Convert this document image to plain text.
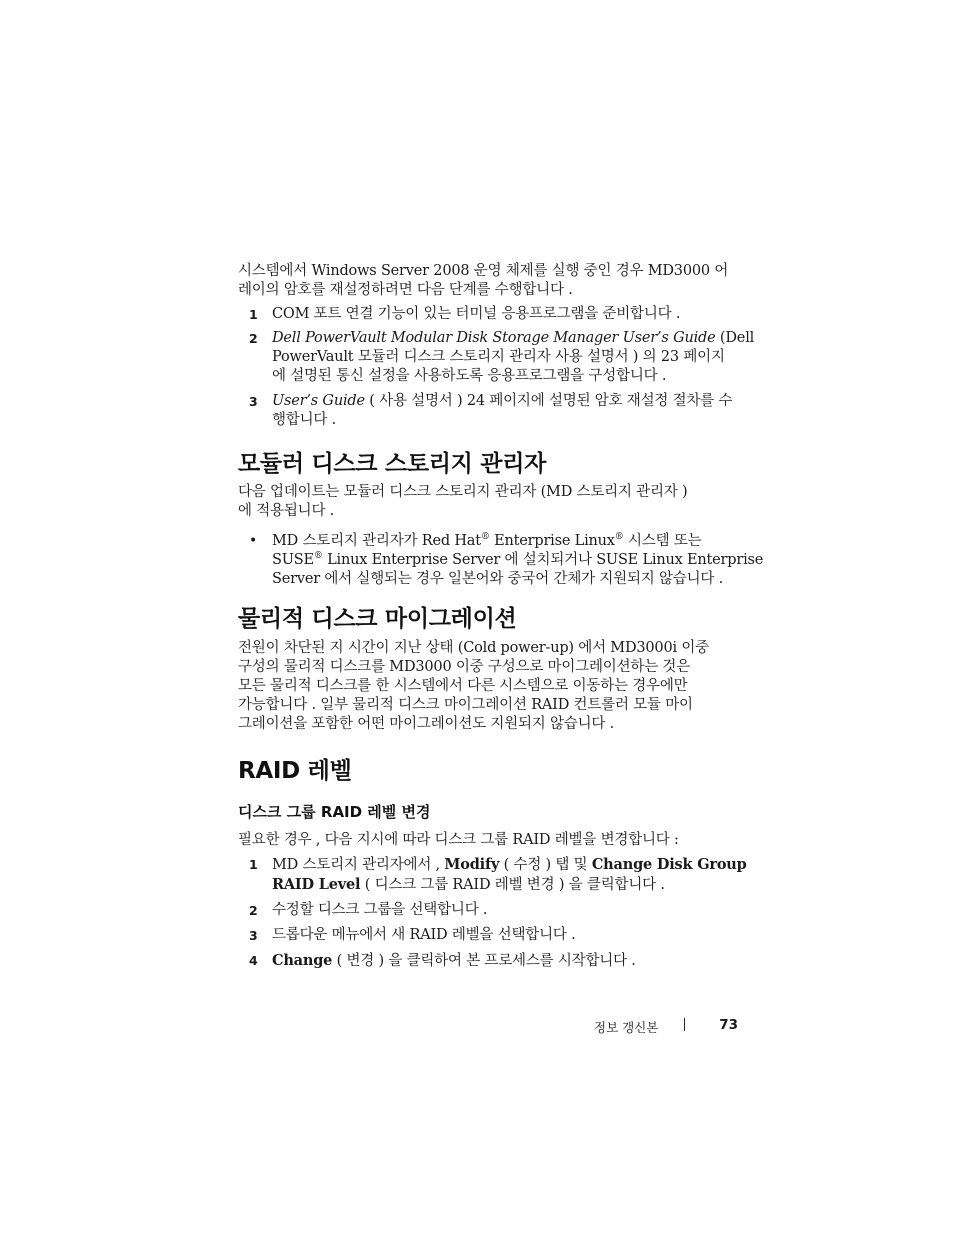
시스템에서 Windows Server 2008 운영 체제를 실행 중인 경우 MD3000 어
레이의 암호를 재설정하려면 다음 단계를 수행합니다 .

1 COM 포트 연결 기능이 있는 터미널 응용프로그램을 준비합니다 .
2 Dell PowerVault Modular Disk Storage Manager User’s Guide (Dell
PowerVault 모듈러 디스크 스토리지 관리자 사용 설명서 ) 의 23 페이지
에 설명된 통신 설정을 사용하도록 응용프로그램을 구성합니다 .
3 User’s Guide ( 사용 설명서 ) 24 페이지에 설명된 암호 재설정 절차를 수
행합니다 .
모듈러 디스크 스토리지 관리자

다음 업데이트는 모듈러 디스크 스토리지 관리자 (MD 스토리지 관리자 )
에 적용됩니다 .

• MD 스토리지 관리자가 Red Hat® Enterprise Linux® 시스템 또는
SUSE® Linux Enterprise Server 에 설치되거나 SUSE Linux Enterprise
Server 에서 실행되는 경우 일본어와 중국어 간체가 지원되지 않습니다 .
물리적 디스크 마이그레이션

전원이 차단된 지 시간이 지난 상태 (Cold power-up) 에서 MD3000i 이중
구성의 물리적 디스크를 MD3000 이중 구성으로 마이그레이션하는 것은
모든 물리적 디스크를 한 시스템에서 다른 시스템으로 이동하는 경우에만
가능합니다 . 일부 물리적 디스크 마이그레이션 RAID 컨트롤러 모듈 마이
그레이션을 포함한 어떤 마이그레이션도 지원되지 않습니다 .

RAID 레벨
디스크 그룹 RAID 레벨 변경

필요한 경우 , 다음 지시에 따라 디스크 그룹 RAID 레벨을 변경합니다 :

1 MD 스토리지 관리자에서 , Modify ( 수정 ) 탭 및 Change Disk Group
RAID Level ( 디스크 그룹 RAID 레벨 변경 ) 을 클릭합니다 .
2 수정할 디스크 그룹을 선택합니다 .
3 드롭다운 메뉴에서 새 RAID 레벨을 선택합니다 .
4 Change ( 변경 ) 을 클릭하여 본 프로세스를 시작합니다 .
정보 갱신본	73
